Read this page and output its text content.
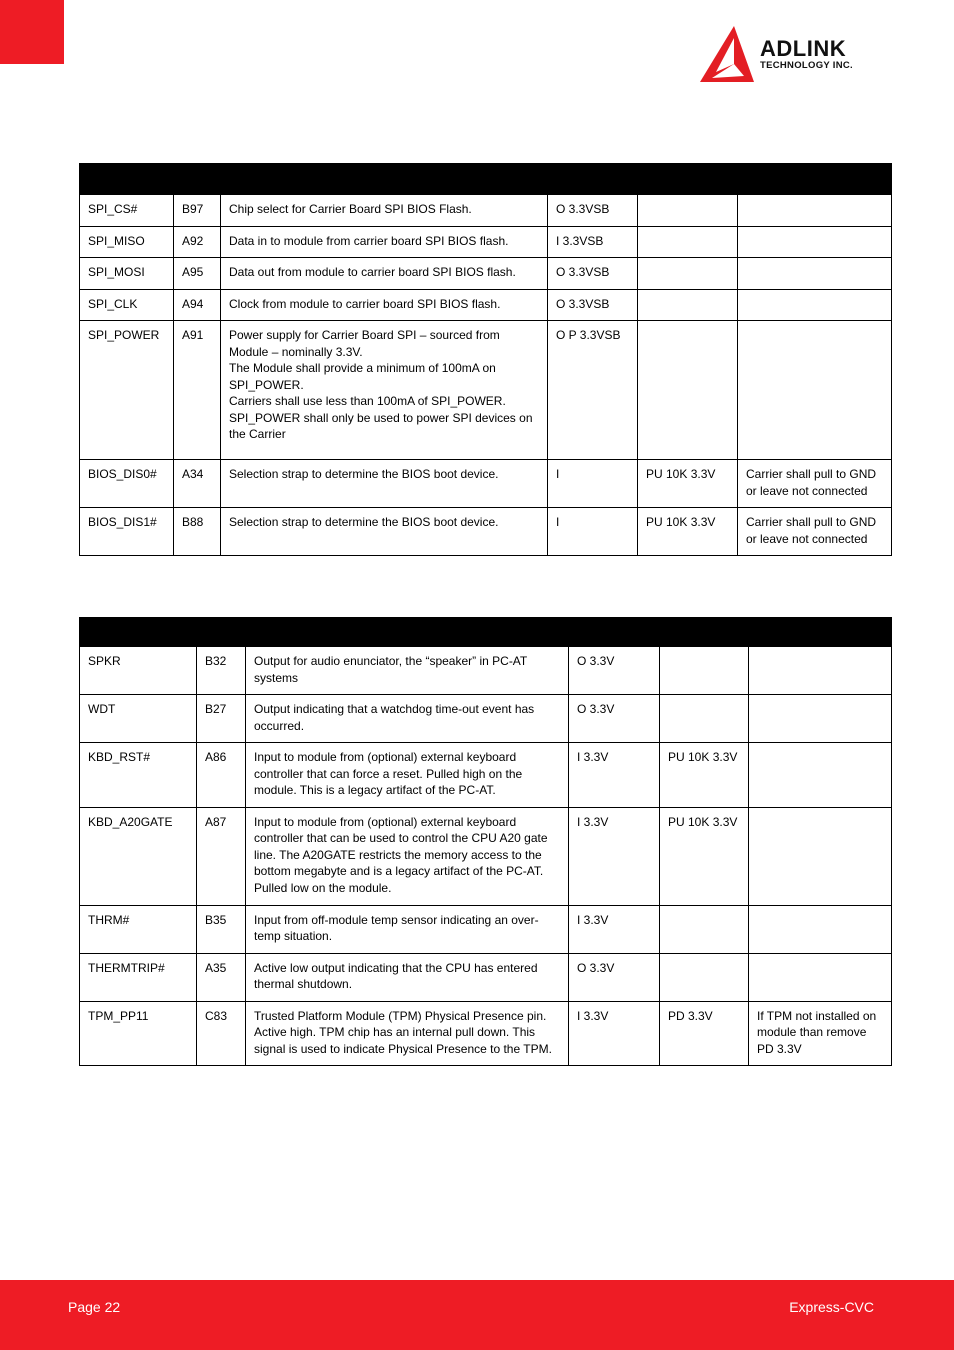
ADLINK
TECHNOLOGY INC.

SPI_CS#	B97	Chip select for Carrier Board SPI BIOS Flash.	O 3.3VSB		
SPI_MISO	A92	Data in to module from carrier board SPI BIOS flash.	I 3.3VSB		
SPI_MOSI	A95	Data out from module to carrier board SPI BIOS flash.	O 3.3VSB		
SPI_CLK	A94	Clock from module to carrier board SPI BIOS flash.	O 3.3VSB		
SPI_POWER	A91	Power supply for Carrier Board SPI – sourced from Module – nominally 3.3V.
The Module shall provide a minimum of 100mA on SPI_POWER.
Carriers shall use less than 100mA of SPI_POWER.
SPI_POWER shall only be used to power SPI devices on the Carrier	O P 3.3VSB		
BIOS_DIS0#	A34	Selection strap to determine the BIOS boot device.	I	PU 10K 3.3V	Carrier shall pull to GND or leave not connected
BIOS_DIS1#	B88	Selection strap to determine the BIOS boot device.	I	PU 10K 3.3V	Carrier shall pull to GND or leave not connected

SPKR	B32	Output for audio enunciator, the “speaker” in PC-AT systems	O 3.3V		
WDT	B27	Output indicating that a watchdog time-out event has occurred.	O 3.3V		
KBD_RST#	A86	Input to module from (optional) external keyboard controller that can force a reset. Pulled high on the module. This is a legacy artifact of the PC-AT.	I 3.3V	PU 10K 3.3V	
KBD_A20GATE	A87	Input to module from (optional) external keyboard controller that can be used to control the CPU A20 gate line. The A20GATE restricts the memory access to the bottom megabyte and is a legacy artifact of the PC-AT. Pulled low on the module.	I 3.3V	PU 10K 3.3V	
THRM#	B35	Input from off-module temp sensor indicating an over-temp situation.	I 3.3V		
THERMTRIP#	A35	Active low output indicating that the CPU has entered thermal shutdown.	O 3.3V		
TPM_PP11	C83	Trusted Platform Module (TPM) Physical Presence pin. Active high. TPM chip has an internal pull down. This signal is used to indicate Physical Presence to the TPM.	I 3.3V	PD 3.3V	If TPM not installed on module than remove PD 3.3V
Page 22	Express-CVC
